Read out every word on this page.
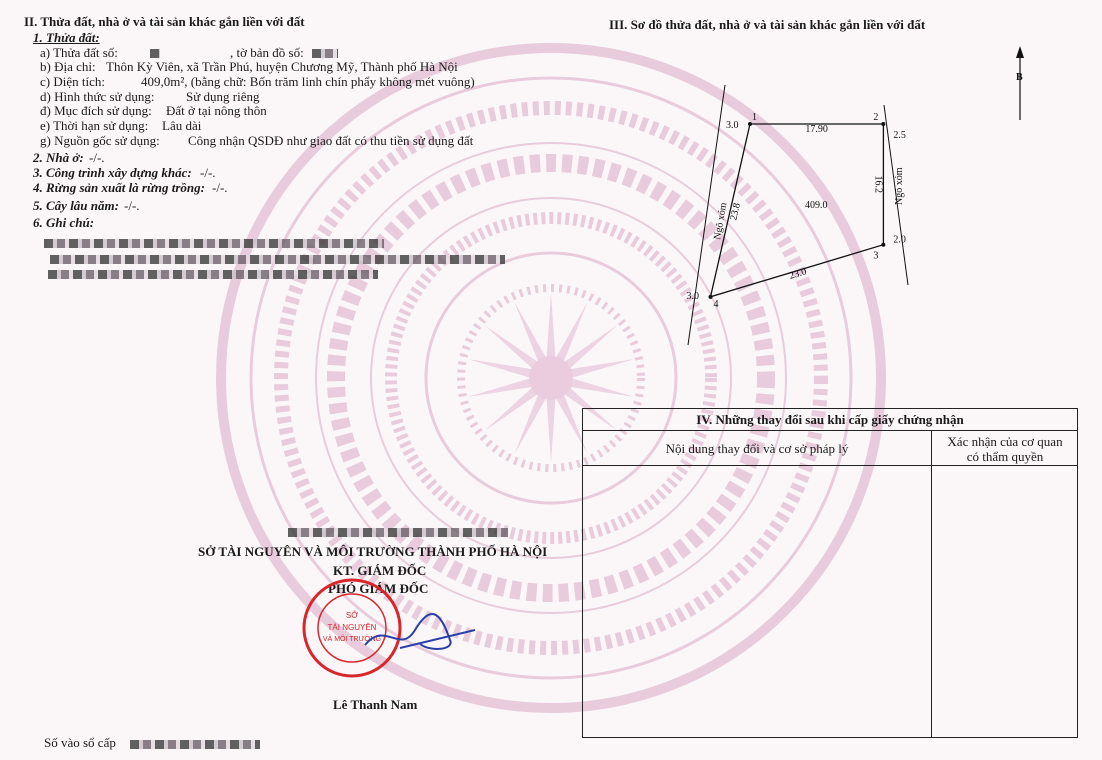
II. Thửa đất, nhà ở và tài sản khác gắn liền với đất
1. Thửa đất:
a) Thửa đất số:	, tờ bản đồ số:
b) Địa chỉ: Thôn Kỳ Viên, xã Trần Phú, huyện Chương Mỹ, Thành phố Hà Nội
c) Diện tích:	409,0m², (bằng chữ: Bốn trăm linh chín phẩy không mét vuông)
d) Hình thức sử dụng: Sử dụng riêng
đ) Mục đích sử dụng: Đất ở tại nông thôn
e) Thời hạn sử dụng: Lâu dài
g) Nguồn gốc sử dụng: Công nhận QSDĐ như giao đất có thu tiền sử dụng đất
2. Nhà ở: -/-.
3. Công trình xây dựng khác: -/-.
4. Rừng sản xuất là rừng trồng: -/-.
5. Cây lâu năm: -/-.
6. Ghi chú:
SỞ TÀI NGUYÊN VÀ MÔI TRƯỜNG THÀNH PHỐ HÀ NỘI
KT. GIÁM ĐỐC
PHÓ GIÁM ĐỐC
SỞ
TÀI NGUYÊN
VÀ MÔI TRƯỜNG
Lê Thanh Nam
Số vào sổ cấp
III. Sơ đồ thửa đất, nhà ở và tài sản khác gắn liền với đất
B
1
3.0
2
2.5
3
2.0
4
3.0
17.90
16.2
23.0
23.8	409.0
Ngõ xóm
Ngõ xóm
IV. Những thay đổi sau khi cấp giấy chứng nhận
Nội dung thay đổi và cơ sở pháp lý	Xác nhận của cơ quan
có thẩm quyền
